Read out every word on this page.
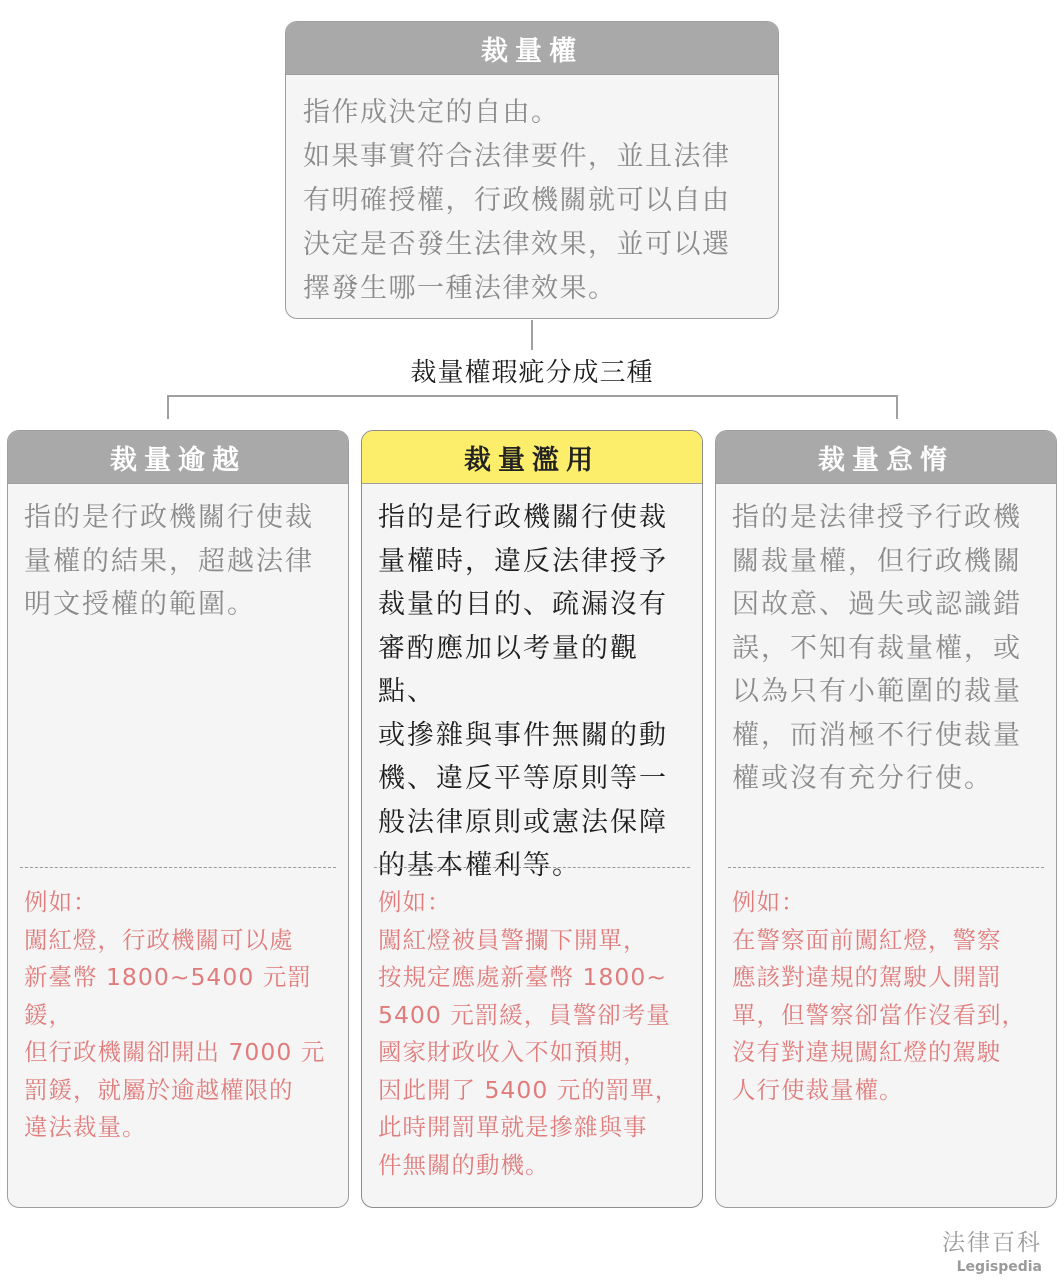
裁量權
指作成決定的自由。
如果事實符合法律要件，並且法律
有明確授權，行政機關就可以自由
決定是否發生法律效果，並可以選
擇發生哪一種法律效果。
裁量權瑕疵分成三種
裁量逾越
指的是行政機關行使裁
量權的結果，超越法律
明文授權的範圍。
例如：
闖紅燈，行政機關可以處
新臺幣 1800~5400 元罰鍰，
但行政機關卻開出 7000 元
罰鍰，就屬於逾越權限的
違法裁量。
裁量濫用
指的是行政機關行使裁
量權時，違反法律授予
裁量的目的、疏漏沒有
審酌應加以考量的觀點、
或摻雜與事件無關的動
機、違反平等原則等一
般法律原則或憲法保障
的基本權利等。
例如：
闖紅燈被員警攔下開單，
按規定應處新臺幣 1800~
5400 元罰緩，員警卻考量
國家財政收入不如預期，
因此開了 5400 元的罰單，
此時開罰單就是摻雜與事
件無關的動機。
裁量怠惰
指的是法律授予行政機
關裁量權，但行政機關
因故意、過失或認識錯
誤，不知有裁量權，或
以為只有小範圍的裁量
權，而消極不行使裁量
權或沒有充分行使。
例如：
在警察面前闖紅燈，警察
應該對違規的駕駛人開罰
單，但警察卻當作沒看到，
沒有對違規闖紅燈的駕駛
人行使裁量權。
法律百科
Legispedia
